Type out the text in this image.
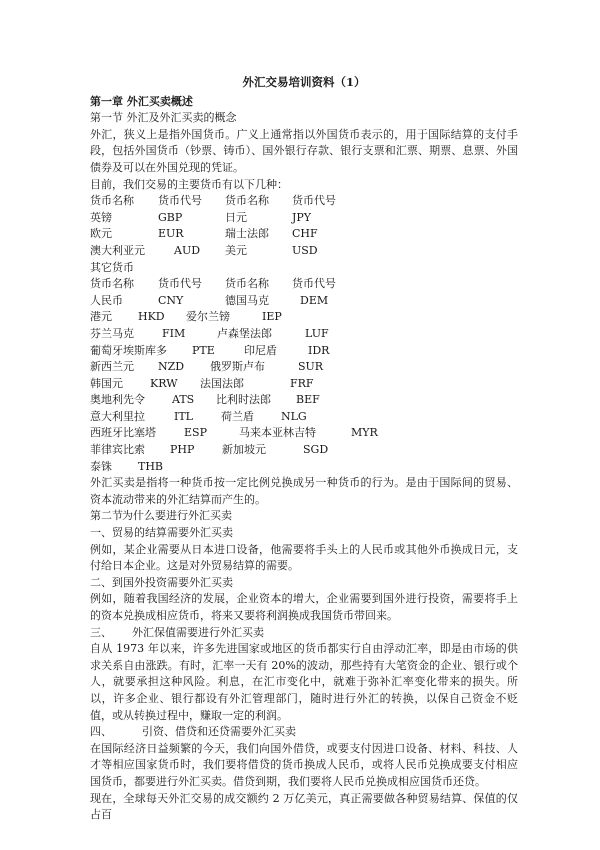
外汇交易培训资料（1）

第一章 外汇买卖概述

第一节 外汇及外汇买卖的概念

外汇，狭义上是指外国货币。广义上通常指以外国货币表示的，用于国际结算的支付手段，包括外国货币（钞票、铸币）、国外银行存款、银行支票和汇票、期票、息票、外国债券及可以在外国兑现的凭证。

目前，我们交易的主要货币有以下几种：

货币名称	货币代号	货币名称	货币代号
英镑	GBP	日元	JPY
欧元	EUR	瑞士法郎	CHF
澳大利亚元	AUD	美元	USD

其它货币

货币名称	货币代号	货币名称	货币代号
人民币	CNY	德国马克	DEM
港元	HKD	爱尔兰镑	IEP
芬兰马克	FIM	卢森堡法郎	LUF
葡萄牙埃斯库多	PTE	印尼盾	IDR
新西兰元	NZD	俄罗斯卢布	SUR
韩国元	KRW	法国法郎	FRF
奥地利先令	ATS	比利时法郎	BEF
意大利里拉	ITL	荷兰盾	NLG
西班牙比塞塔	ESP	马来本亚林吉特	MYR
菲律宾比索	PHP	新加坡元	SGD
泰铢	THB

外汇买卖是指将一种货币按一定比例兑换成另一种货币的行为。是由于国际间的贸易、资本流动带来的外汇结算而产生的。

第二节为什么要进行外汇买卖

一、贸易的结算需要外汇买卖

例如，某企业需要从日本进口设备，他需要将手头上的人民币或其他外币换成日元，支付给日本企业。这是对外贸易结算的需要。

二、到国外投资需要外汇买卖

例如，随着我国经济的发展，企业资本的增大，企业需要到国外进行投资，需要将手上的资本兑换成相应货币，将来又要将利润换成我国货币带回来。

三、 外汇保值需要进行外汇买卖

自从 1973 年以来，许多先进国家或地区的货币都实行自由浮动汇率，即是由市场的供求关系自由涨跌。有时，汇率一天有 20%的波动，那些持有大笔资金的企业、银行或个人，就要承担这种风险。利息，在汇市变化中，就难于弥补汇率变化带来的损失。所以，许多企业、银行都设有外汇管理部门，随时进行外汇的转换，以保自己资金不贬值，或从转换过程中，赚取一定的利润。

四、	引资、借贷和还贷需要外汇买卖

在国际经济日益频繁的今天，我们向国外借贷，或要支付因进口设备、材料、科技、人才等相应国家货币时，我们要将借贷的货币换成人民币，或将人民币兑换成要支付相应国货币，都要进行外汇买卖。借贷到期，我们要将人民币兑换成相应国货币还贷。

现在，全球每天外汇交易的成交额约 2 万亿美元，真正需要做各种贸易结算、保值的仅占百
